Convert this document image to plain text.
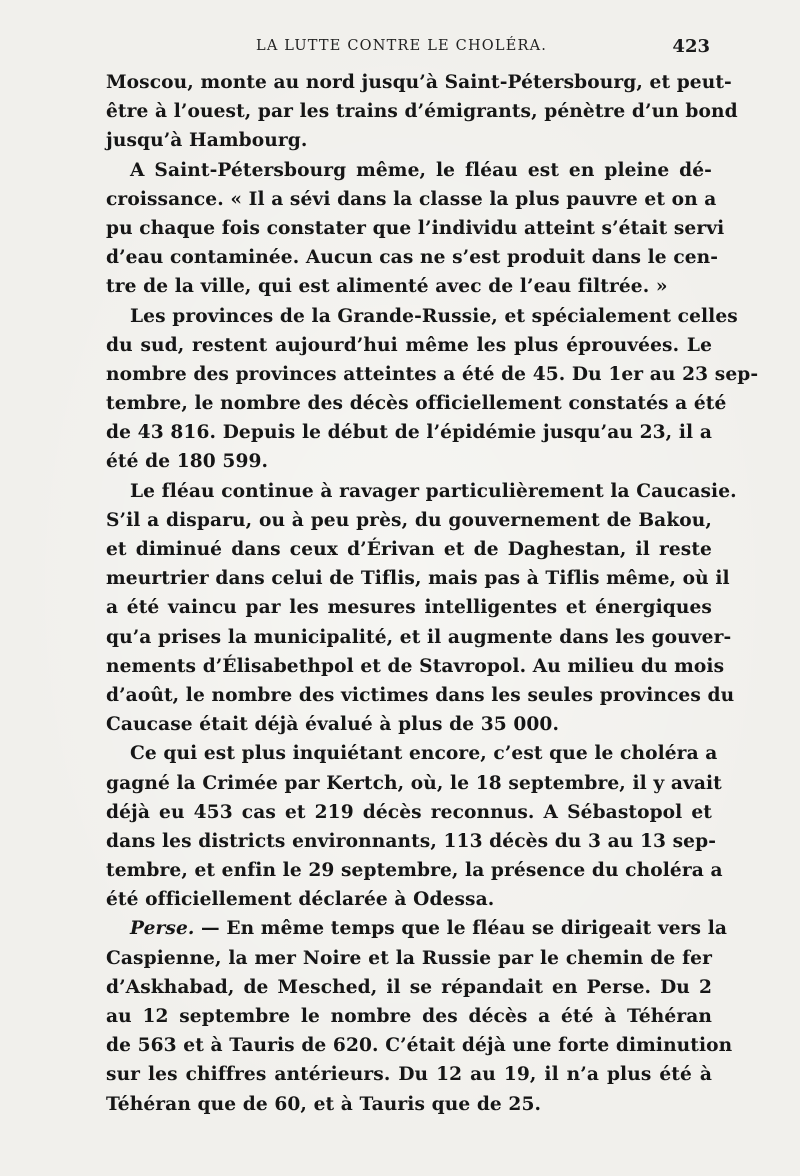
LA LUTTE CONTRE LE CHOLÉRA.	423
Moscou, monte au nord jusqu’à Saint-Pétersbourg, et peut-
être à l’ouest, par les trains d’émigrants, pénètre d’un bond
jusqu’à Hambourg.
A Saint-Pétersbourg même, le fléau est en pleine dé-
croissance. « Il a sévi dans la classe la plus pauvre et on a
pu chaque fois constater que l’individu atteint s’était servi
d’eau contaminée. Aucun cas ne s’est produit dans le cen-
tre de la ville, qui est alimenté avec de l’eau filtrée. »
Les provinces de la Grande-Russie, et spécialement celles
du sud, restent aujourd’hui même les plus éprouvées. Le
nombre des provinces atteintes a été de 45. Du 1er au 23 sep-
tembre, le nombre des décès officiellement constatés a été
de 43 816. Depuis le début de l’épidémie jusqu’au 23, il a
été de 180 599.
Le fléau continue à ravager particulièrement la Caucasie.
S’il a disparu, ou à peu près, du gouvernement de Bakou,
et diminué dans ceux d’Érivan et de Daghestan, il reste
meurtrier dans celui de Tiflis, mais pas à Tiflis même, où il
a été vaincu par les mesures intelligentes et énergiques
qu’a prises la municipalité, et il augmente dans les gouver-
nements d’Élisabethpol et de Stavropol. Au milieu du mois
d’août, le nombre des victimes dans les seules provinces du
Caucase était déjà évalué à plus de 35 000.
Ce qui est plus inquiétant encore, c’est que le choléra a
gagné la Crimée par Kertch, où, le 18 septembre, il y avait
déjà eu 453 cas et 219 décès reconnus. A Sébastopol et
dans les districts environnants, 113 décès du 3 au 13 sep-
tembre, et enfin le 29 septembre, la présence du choléra a
été officiellement déclarée à Odessa.
Perse. — En même temps que le fléau se dirigeait vers la
Caspienne, la mer Noire et la Russie par le chemin de fer
d’Askhabad, de Mesched, il se répandait en Perse. Du 2
au 12 septembre le nombre des décès a été à Téhéran
de 563 et à Tauris de 620. C’était déjà une forte diminution
sur les chiffres antérieurs. Du 12 au 19, il n’a plus été à
Téhéran que de 60, et à Tauris que de 25.
